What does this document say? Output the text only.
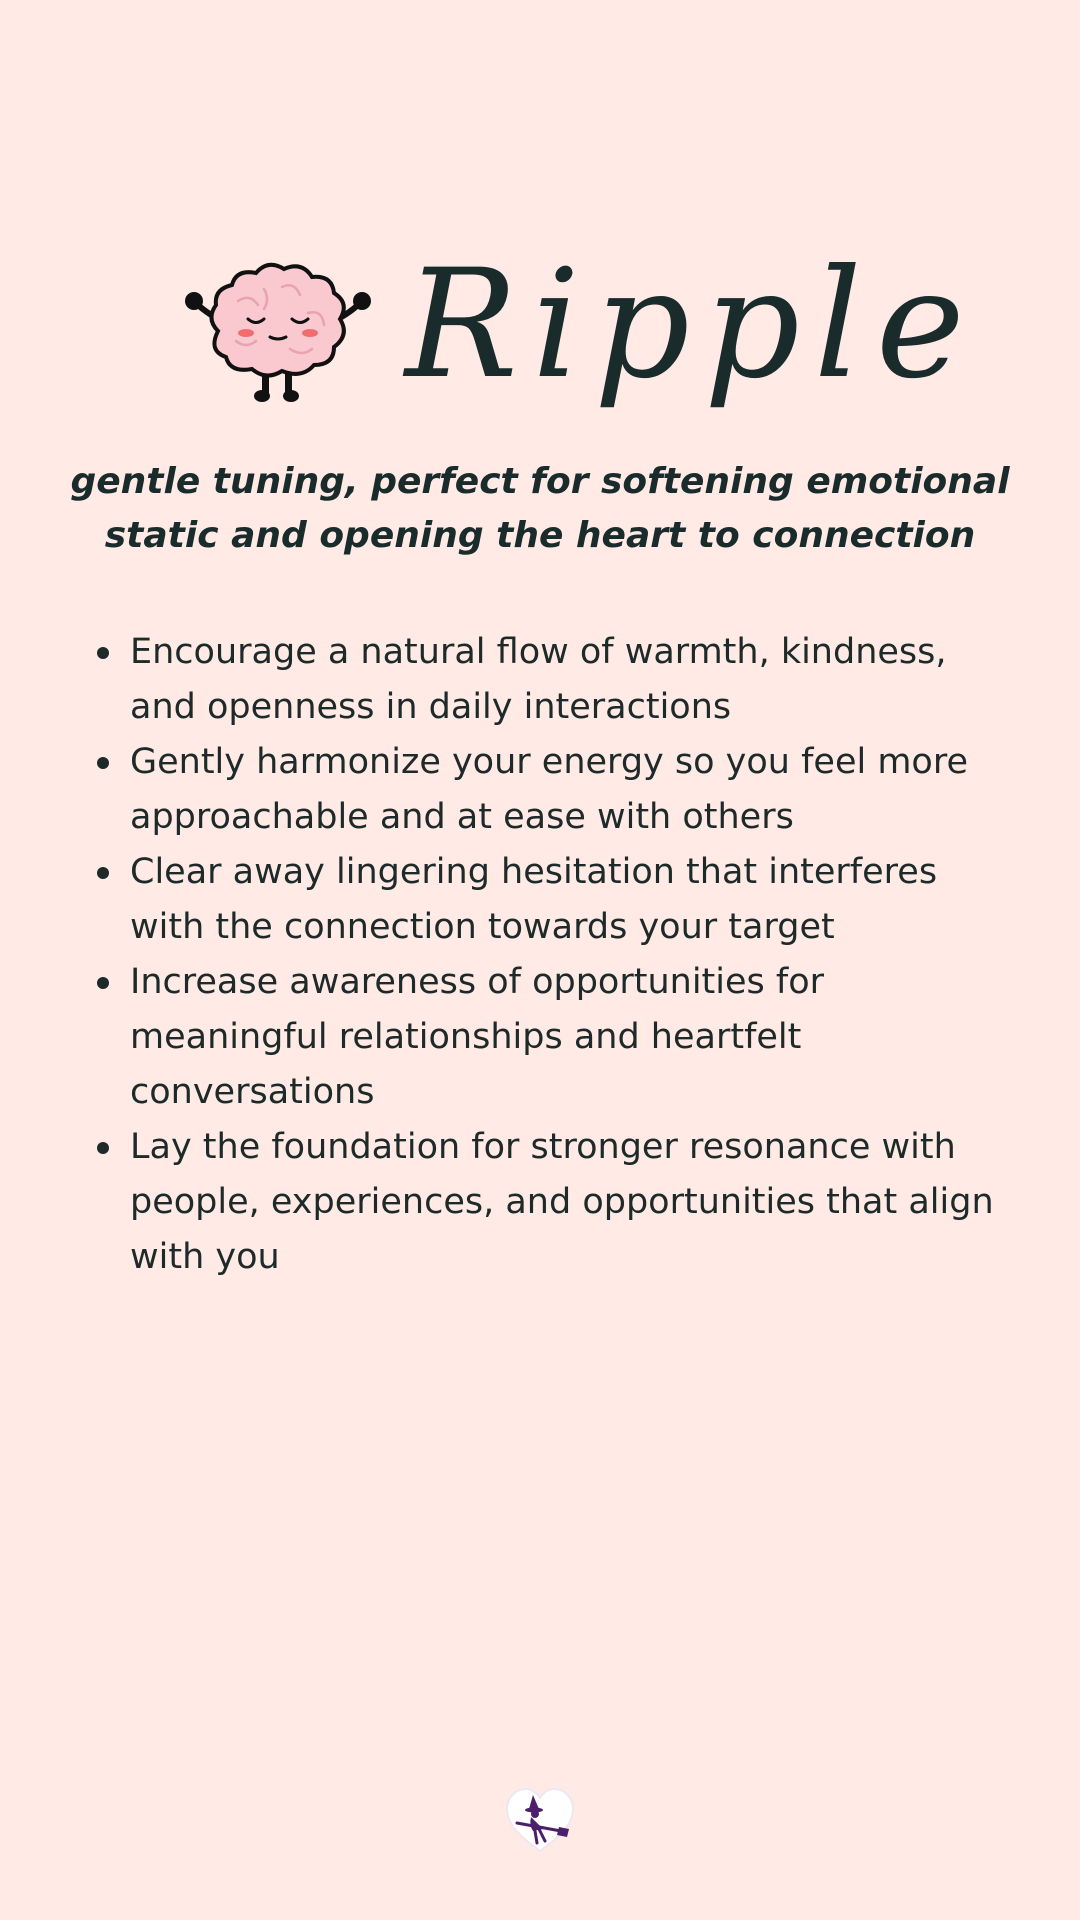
Ripple

gentle tuning, perfect for softening emotional static and opening the heart to connection

Encourage a natural flow of warmth, kindness, and openness in daily interactions
Gently harmonize your energy so you feel more approachable and at ease with others
Clear away lingering hesitation that interferes with the connection towards your target
Increase awareness of opportunities for meaningful relationships and heartfelt conversations
Lay the foundation for stronger resonance with people, experiences, and opportunities that align with you
